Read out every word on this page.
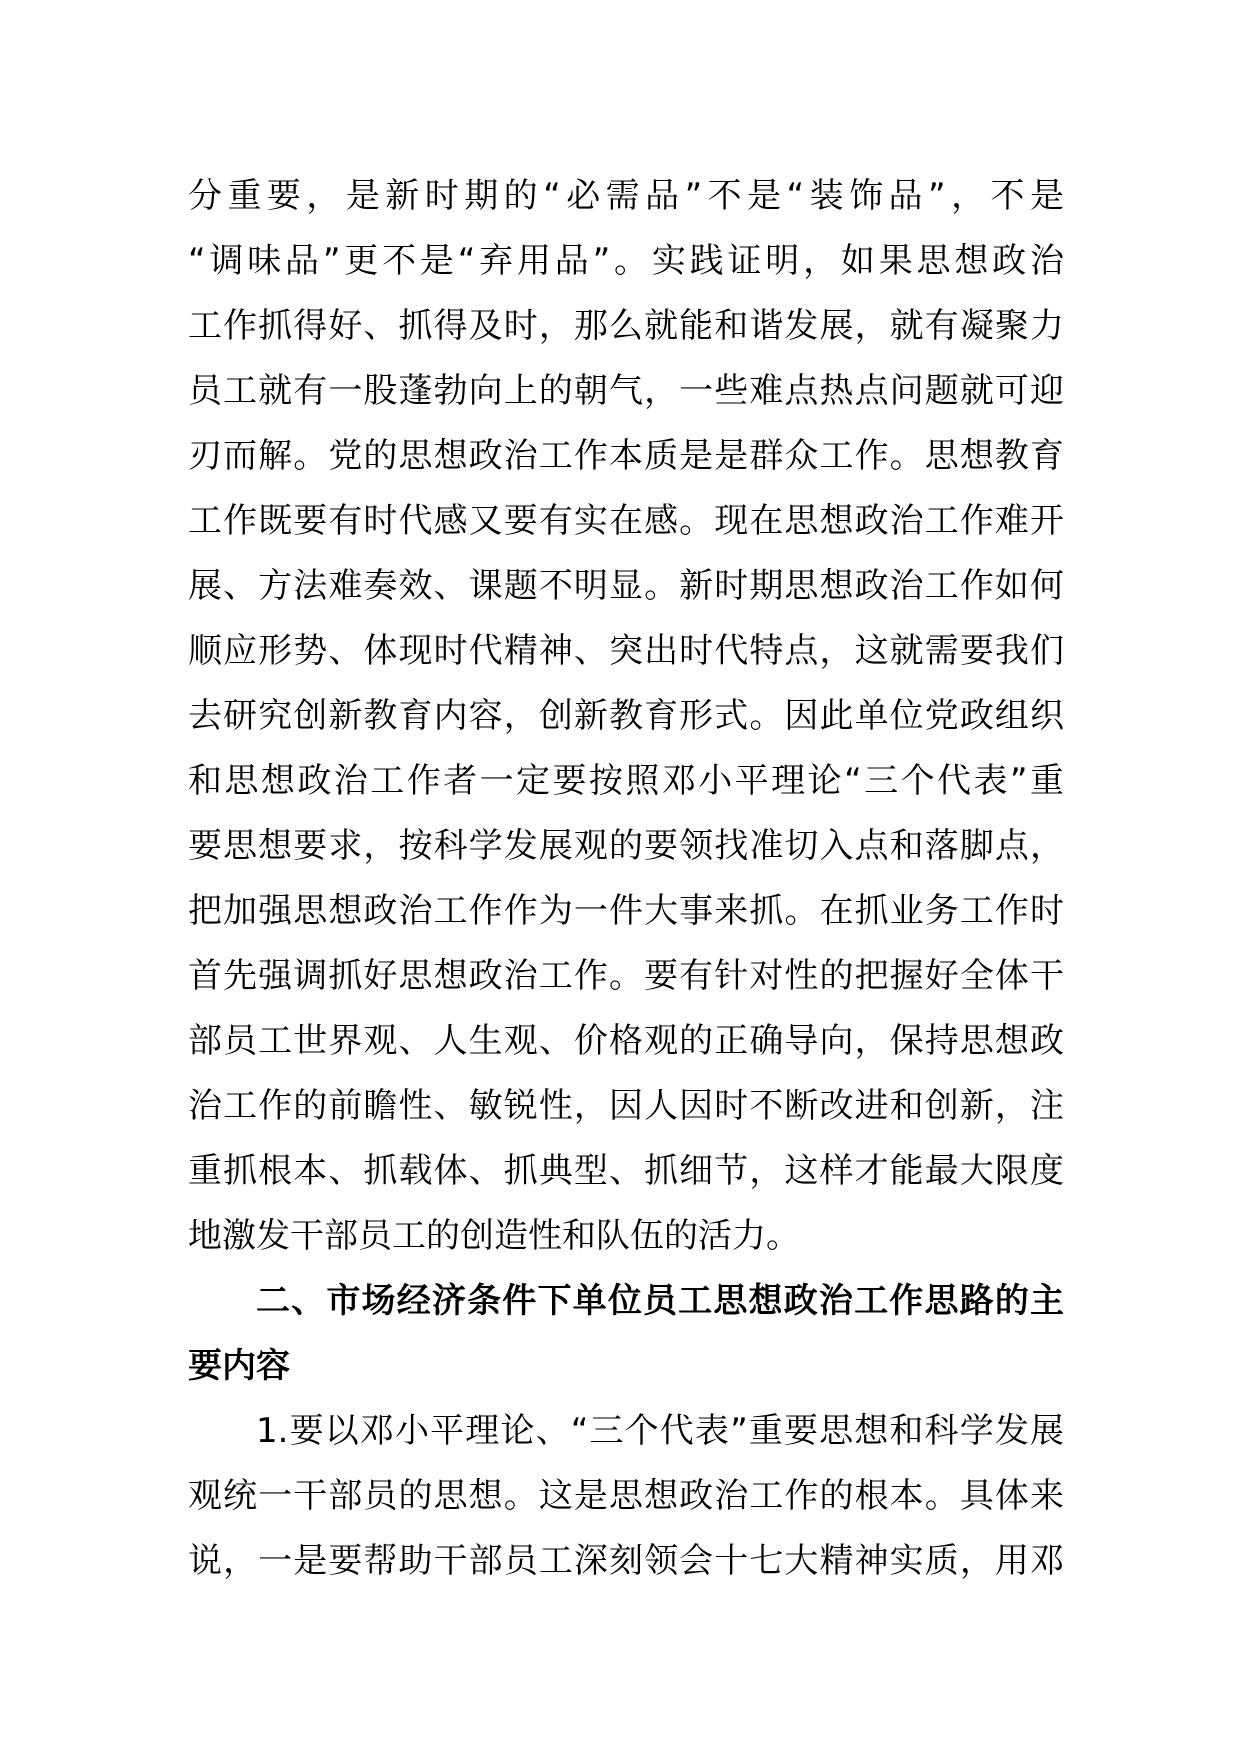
分重要，是新时期的“必需品”不是“装饰品”，不是
“调味品”更不是“弃用品”。实践证明，如果思想政治
工作抓得好、抓得及时，那么就能和谐发展，就有凝聚力
员工就有一股蓬勃向上的朝气，一些难点热点问题就可迎
刃而解。党的思想政治工作本质是是群众工作。思想教育
工作既要有时代感又要有实在感。现在思想政治工作难开
展、方法难奏效、课题不明显。新时期思想政治工作如何
顺应形势、体现时代精神、突出时代特点，这就需要我们
去研究创新教育内容，创新教育形式。因此单位党政组织
和思想政治工作者一定要按照邓小平理论“三个代表”重
要思想要求，按科学发展观的要领找准切入点和落脚点，
把加强思想政治工作作为一件大事来抓。在抓业务工作时
首先强调抓好思想政治工作。要有针对性的把握好全体干
部员工世界观、人生观、价格观的正确导向，保持思想政
治工作的前瞻性、敏锐性，因人因时不断改进和创新，注
重抓根本、抓载体、抓典型、抓细节，这样才能最大限度
地激发干部员工的创造性和队伍的活力。
二、市场经济条件下单位员工思想政治工作思路的主
要内容
1.要以邓小平理论、“三个代表”重要思想和科学发展
观统一干部员的思想。这是思想政治工作的根本。具体来
说，一是要帮助干部员工深刻领会十七大精神实质，用邓
